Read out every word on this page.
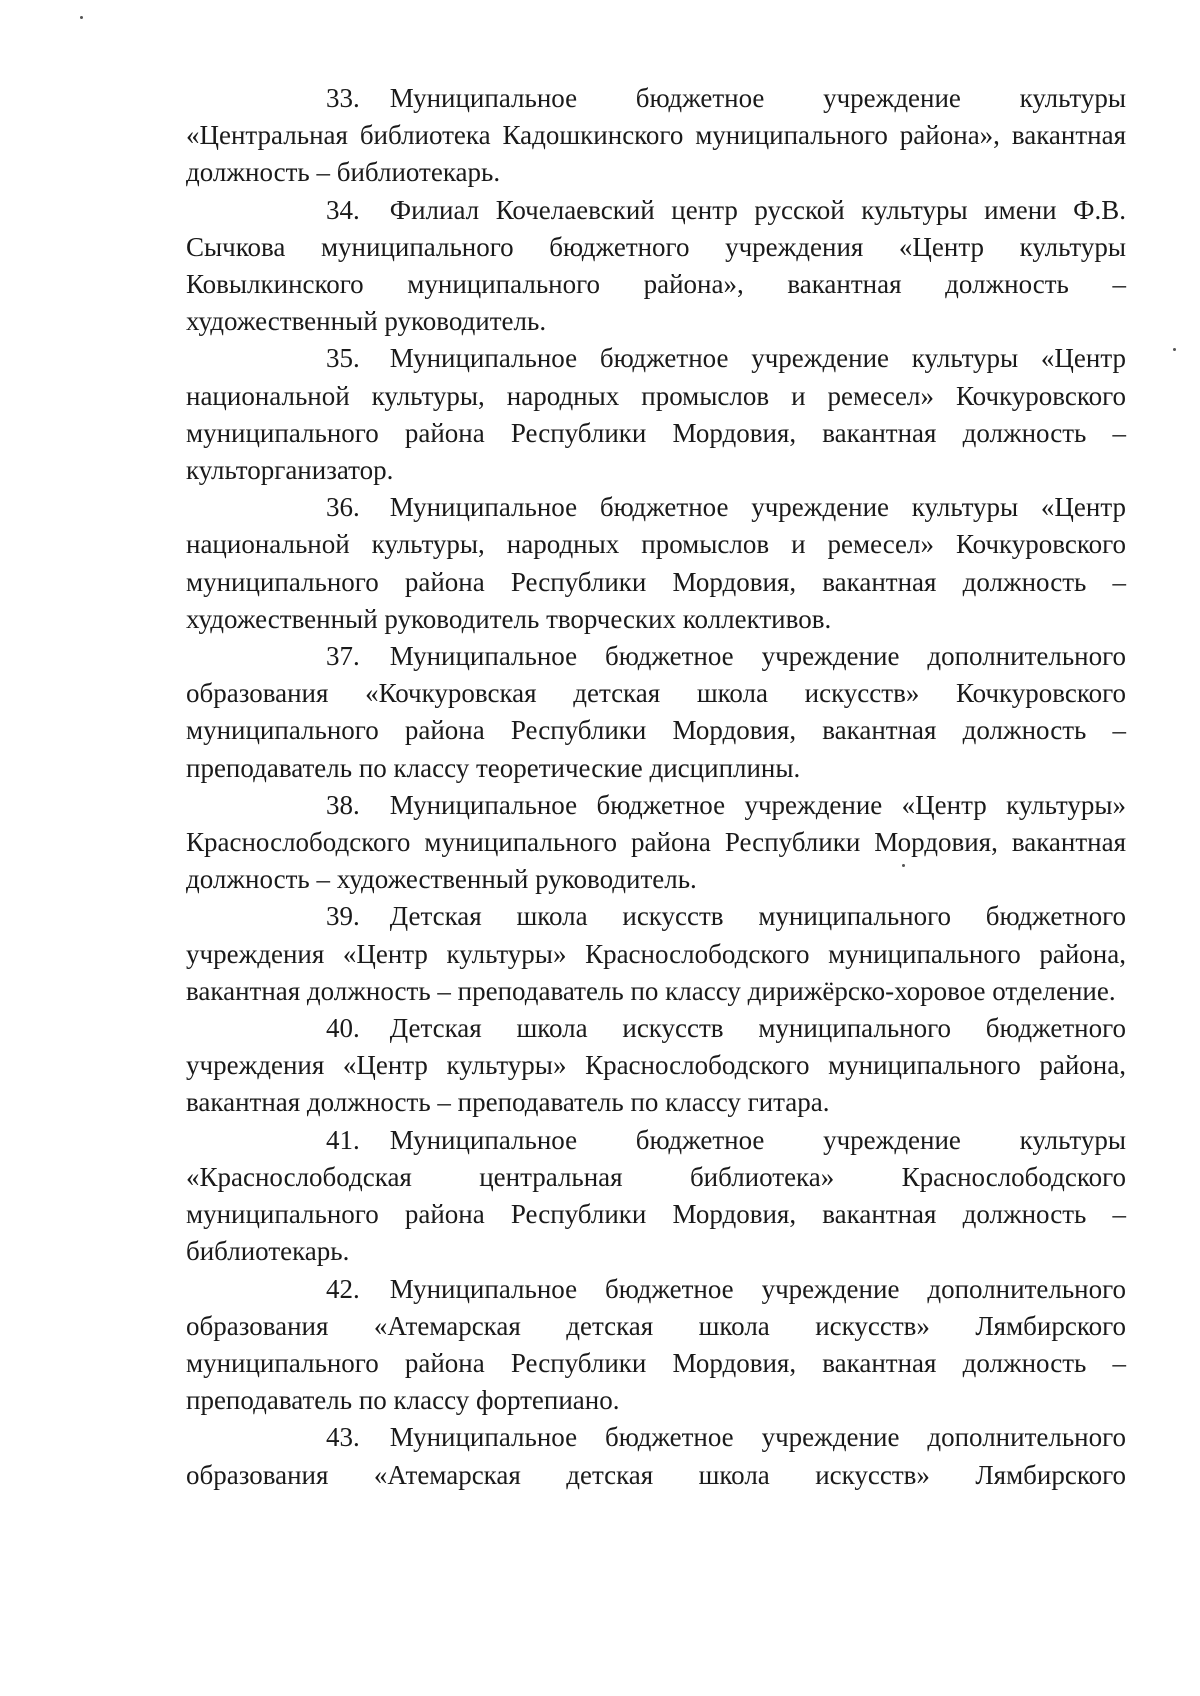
33. Муниципальное бюджетное учреждение культуры «Центральная библиотека Кадошкинского муниципального района», вакантная должность – библиотекарь.

34. Филиал Кочелаевский центр русской культуры имени Ф.В. Сычкова муниципального бюджетного учреждения «Центр культуры Ковылкинского муниципального района», вакантная должность – художественный руководитель.

35. Муниципальное бюджетное учреждение культуры «Центр национальной культуры, народных промыслов и ремесел» Кочкуровского муниципального района Республики Мордовия, вакантная должность – культорганизатор.

36. Муниципальное бюджетное учреждение культуры «Центр национальной культуры, народных промыслов и ремесел» Кочкуровского муниципального района Республики Мордовия, вакантная должность – художественный руководитель творческих коллективов.

37. Муниципальное бюджетное учреждение дополнительного образования «Кочкуровская детская школа искусств» Кочкуровского муниципального района Республики Мордовия, вакантная должность – преподаватель по классу теоретические дисциплины.

38. Муниципальное бюджетное учреждение «Центр культуры» Краснослободского муниципального района Республики Мордовия, вакантная должность – художественный руководитель.

39. Детская школа искусств муниципального бюджетного учреждения «Центр культуры» Краснослободского муниципального района, вакантная должность – преподаватель по классу дирижёрско-хоровое отделение.

40. Детская школа искусств муниципального бюджетного учреждения «Центр культуры» Краснослободского муниципального района, вакантная должность – преподаватель по классу гитара.

41. Муниципальное бюджетное учреждение культуры «Краснослободская центральная библиотека» Краснослободского муниципального района Республики Мордовия, вакантная должность – библиотекарь.

42. Муниципальное бюджетное учреждение дополнительного образования «Атемарская детская школа искусств» Лямбирского муниципального района Республики Мордовия, вакантная должность – преподаватель по классу фортепиано.

43. Муниципальное бюджетное учреждение дополнительного образования «Атемарская детская школа искусств» Лямбирского
